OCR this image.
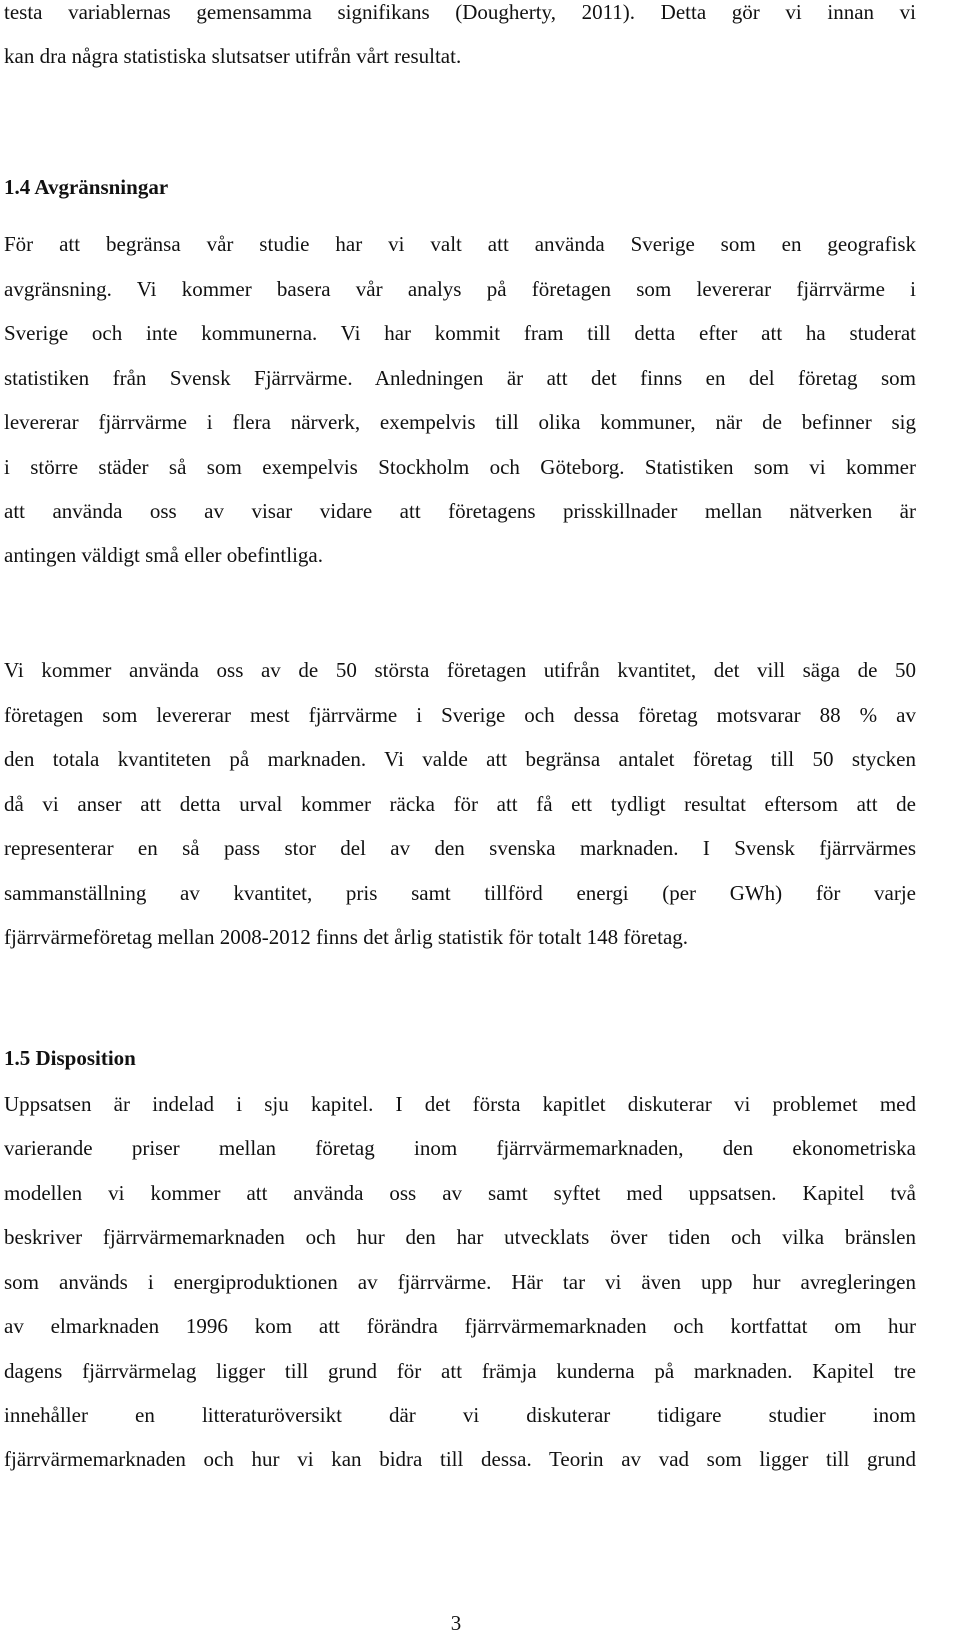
testa variablernas gemensamma signifikans (Dougherty, 2011). Detta gör vi innan vi
kan dra några statistiska slutsatser utifrån vårt resultat.
1.4 Avgränsningar
För att begränsa vår studie har vi valt att använda Sverige som en geografisk
avgränsning. Vi kommer basera vår analys på företagen som levererar fjärrvärme i
Sverige och inte kommunerna. Vi har kommit fram till detta efter att ha studerat
statistiken från Svensk Fjärrvärme. Anledningen är att det finns en del företag som
levererar fjärrvärme i flera närverk, exempelvis till olika kommuner, när de befinner sig
i större städer så som exempelvis Stockholm och Göteborg. Statistiken som vi kommer
att använda oss av visar vidare att företagens prisskillnader mellan nätverken är
antingen väldigt små eller obefintliga.
Vi kommer använda oss av de 50 största företagen utifrån kvantitet, det vill säga de 50
företagen som levererar mest fjärrvärme i Sverige och dessa företag motsvarar 88 % av
den totala kvantiteten på marknaden. Vi valde att begränsa antalet företag till 50 stycken
då vi anser att detta urval kommer räcka för att få ett tydligt resultat eftersom att de
representerar en så pass stor del av den svenska marknaden. I Svensk fjärrvärmes
sammanställning av kvantitet, pris samt tillförd energi (per GWh) för varje
fjärrvärmeföretag mellan 2008-2012 finns det årlig statistik för totalt 148 företag.
1.5 Disposition
Uppsatsen är indelad i sju kapitel. I det första kapitlet diskuterar vi problemet med
varierande priser mellan företag inom fjärrvärmemarknaden, den ekonometriska
modellen vi kommer att använda oss av samt syftet med uppsatsen. Kapitel två
beskriver fjärrvärmemarknaden och hur den har utvecklats över tiden och vilka bränslen
som används i energiproduktionen av fjärrvärme. Här tar vi även upp hur avregleringen
av elmarknaden 1996 kom att förändra fjärrvärmemarknaden och kortfattat om hur
dagens fjärrvärmelag ligger till grund för att främja kunderna på marknaden. Kapitel tre
innehåller en litteraturöversikt där vi diskuterar tidigare studier inom
fjärrvärmemarknaden och hur vi kan bidra till dessa. Teorin av vad som ligger till grund
3
